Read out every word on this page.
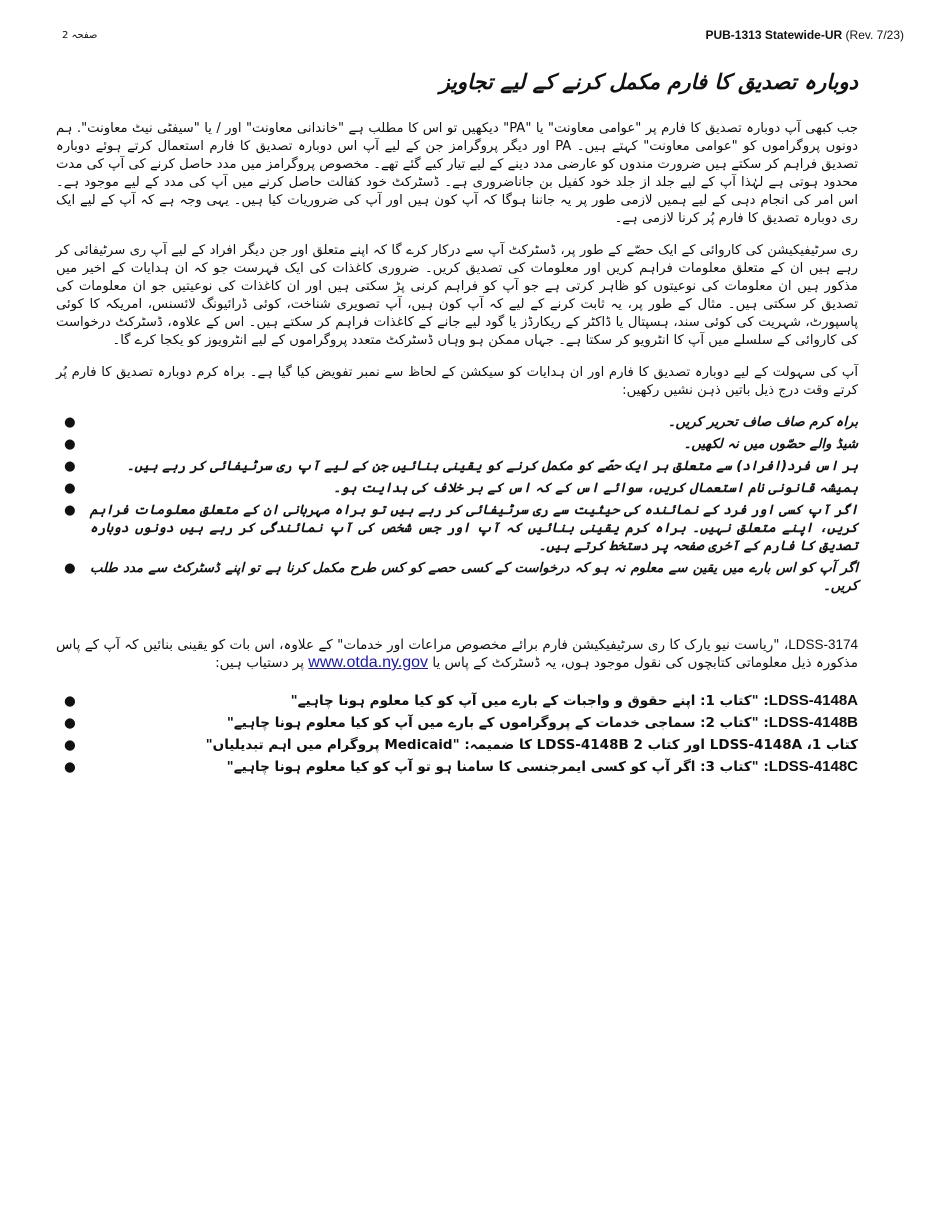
صفحہ 2	PUB-1313 Statewide-UR (Rev. 7/23)
دوبارہ تصدیق کا فارم مکمل کرنے کے لیے تجاویز

جب کبھی آپ دوبارہ تصدیق کا فارم پر "عوامی معاونت" یا "PA" دیکھیں تو اس کا مطلب ہے "خاندانی معاونت" اور / یا "سیفٹی نیٹ معاونت". ہم دونوں پروگراموں کو "عوامی معاونت" کہتے ہیں۔ PA اور دیگر پروگرامز جن کے لیے آپ اس دوبارہ تصدیق کا فارم استعمال کرتے ہوئے دوبارہ تصدیق فراہم کر سکتے ہیں ضرورت مندوں کو عارضی مدد دینے کے لیے تیار کیے گئے تھے۔ مخصوص پروگرامز میں مدد حاصل کرنے کی آپ کی مدت محدود ہوتی ہے لہٰذا آپ کے لیے جلد از جلد خود کفیل بن جاناضروری ہے۔ ڈسٹرکٹ خود کفالت حاصل کرنے میں آپ کی مدد کے لیے موجود ہے۔ اس امر کی انجام دہی کے لیے ہمیں لازمی طور پر یہ جاننا ہوگا کہ آپ کون ہیں اور آپ کی ضروریات کیا ہیں۔ یہی وجہ ہے کہ آپ کے لیے ایک ری دوبارہ تصدیق کا فارم پُر کرنا لازمی ہے۔

ری سرٹیفیکیشن کی کاروائی کے ایک حصّے کے طور پر، ڈسٹرکٹ آپ سے درکار کرے گا کہ اپنے متعلق اور جن دیگر افراد کے لیے آپ ری سرٹیفائی کر رہے ہیں ان کے متعلق معلومات فراہم کریں اور معلومات کی تصدیق کریں۔ ضروری کاغذات کی ایک فہرست جو کہ ان ہدایات کے اخیر میں مذکور ہیں ان معلومات کی نوعیتوں کو ظاہر کرتی ہے جو آپ کو فراہم کرنی پڑ سکتی ہیں اور ان کاغذات کی نوعیتیں جو ان معلومات کی تصدیق کر سکتی ہیں۔ مثال کے طور پر، یہ ثابت کرنے کے لیے کہ آپ کون ہیں، آپ تصویری شناخت، کوئی ڈرائیونگ لائسنس، امریکہ کا کوئی پاسپورٹ، شہریت کی کوئی سند، ہسپتال یا ڈاکٹر کے ریکارڈز یا گود لیے جانے کے کاغذات فراہم کر سکتے ہیں۔ اس کے علاوہ، ڈسٹرکٹ درخواست کی کاروائی کے سلسلے میں آپ کا انٹرویو کر سکتا ہے۔ جہاں ممکن ہو وہاں ڈسٹرکٹ متعدد پروگراموں کے لیے انٹرویوز کو یکجا کرے گا۔

آپ کی سہولت کے لیے دوبارہ تصدیق کا فارم اور ان ہدایات کو سیکشن کے لحاظ سے نمبر تفویض کیا گیا ہے۔ براہ کرم دوبارہ تصدیق کا فارم پُر کرتے وقت درج ذیل باتیں ذہن نشیں رکھیں:

●	براہ کرم صاف صاف تحریر کریں۔
●	شیڈ والے حصّوں میں نہ لکھیں۔
●	ہر اس فرد(افراد) سے متعلق ہر ایک حصّے کو مکمل کرنے کو یقینی بنائیں جن کے لیے آپ ری سرٹیفائی کر رہے ہیں۔
●	ہمیشہ قانونی نام استعمال کریں، سوائے اس کے کہ اس کے بر خلاف کی ہدایت ہو۔
● اگر آپ کسی اور فرد کے نمائندہ کی حیثیت سے ری سرٹیفائی کر رہے ہیں تو براہ مہربانی ان کے متعلق معلومات فراہم کریں، اپنے متعلق نہیں۔ براہ کرم یقینی بنائیں کہ آپ اور جس شخص کی آپ نمائندگی کر رہے ہیں دونوں دوبارہ تصدیق کا فارم کے آخری صفحہ پر دستخط کرتے ہیں۔
● اگر آپ کو اس بارے میں یقین سے معلوم نہ ہو کہ درخواست کے کسی حصے کو کس طرح مکمل کرنا ہے تو اپنے ڈسٹرکٹ سے مدد طلب کریں۔

LDSS-3174، "ریاست نیو یارک کا ری سرٹیفیکیشن فارم برائے مخصوص مراعات اور خدمات" کے علاوہ، اس بات کو یقینی بنائیں کہ آپ کے پاس مذکورہ ذیل معلوماتی کتابچوں کی نقول موجود ہوں، یہ ڈسٹرکٹ کے پاس یا www.otda.ny.gov پر دستیاب ہیں:

●	LDSS-4148A: "کتاب 1: اپنے حقوق و واجبات کے بارے میں آپ کو کیا معلوم ہونا چاہیے"
●	LDSS-4148B: "کتاب 2: سماجی خدمات کے پروگراموں کے بارے میں آپ کو کیا معلوم ہونا چاہیے"
●	کتاب 1، LDSS-4148A اور کتاب 2 LDSS-4148B کا ضمیمہ: "Medicaid پروگرام میں اہم تبدیلیاں"
●	LDSS-4148C: "کتاب 3: اگر آپ کو کسی ایمرجنسی کا سامنا ہو تو آپ کو کیا معلوم ہونا چاہیے"
